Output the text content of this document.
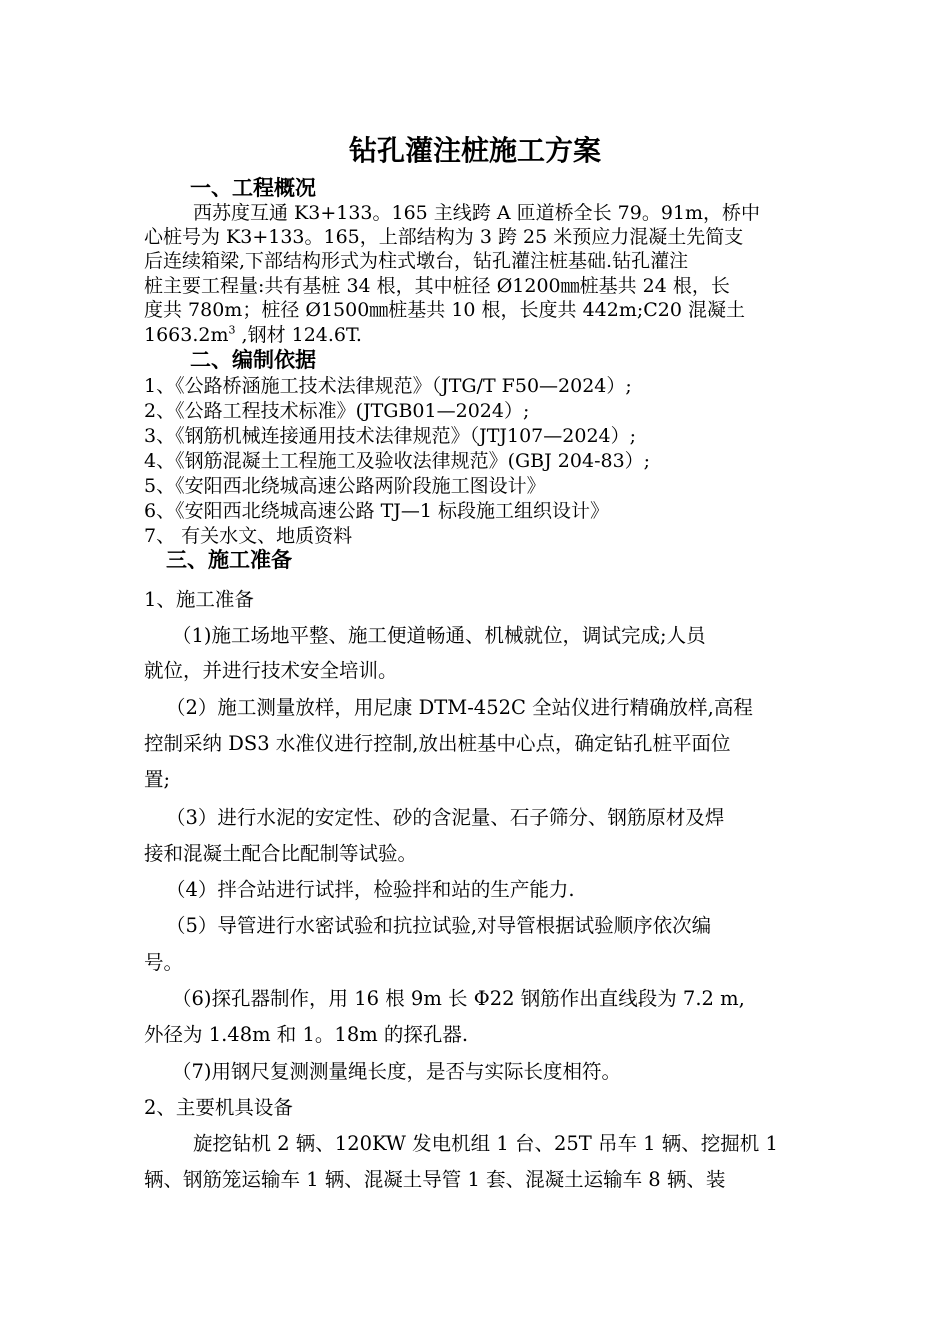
钻孔灌注桩施工方案
一、工程概况
西苏度互通 K3+133。165 主线跨 A 匝道桥全长 79。91m，桥中
心桩号为 K3+133。165，上部结构为 3 跨 25 米预应力混凝土先简支
后连续箱梁,下部结构形式为柱式墩台，钻孔灌注桩基础.钻孔灌注
桩主要工程量:共有基桩 34 根，其中桩径 Ø1200㎜桩基共 24 根，长
度共 780m；桩径 Ø1500㎜桩基共 10 根，长度共 442m;C20 混凝土
$1663.2m^3$ ,钢材 124.6T.
二、编制依据
1、《公路桥涵施工技术法律规范》（JTG/T F50—2024）;
2、《公路工程技术标准》(JTGB01—2024）;
3、《钢筋机械连接通用技术法律规范》（JTJ107—2024）;
4、《钢筋混凝土工程施工及验收法律规范》(GBJ 204-83）;
5、《安阳西北绕城高速公路两阶段施工图设计》
6、《安阳西北绕城高速公路 TJ—1 标段施工组织设计》
7、 有关水文、地质资料
三、施工准备
1、施工准备
（1)施工场地平整、施工便道畅通、机械就位，调试完成;人员
就位，并进行技术安全培训。
（2）施工测量放样，用尼康 DTM-452C 全站仪进行精确放样,高程
控制采纳 DS3 水准仪进行控制,放出桩基中心点，确定钻孔桩平面位
置;
（3）进行水泥的安定性、砂的含泥量、石子筛分、钢筋原材及焊
接和混凝土配合比配制等试验。
（4）拌合站进行试拌，检验拌和站的生产能力.
（5）导管进行水密试验和抗拉试验,对导管根据试验顺序依次编
号。
（6)探孔器制作，用 16 根 9m 长 Φ22 钢筋作出直线段为 7.2 m,
外径为 1.48m 和 1。18m 的探孔器.
（7)用钢尺复测测量绳长度，是否与实际长度相符。
2、主要机具设备
旋挖钻机 2 辆、120KW 发电机组 1 台、25T 吊车 1 辆、挖掘机 1
辆、钢筋笼运输车 1 辆、混凝土导管 1 套、混凝土运输车 8 辆、装
